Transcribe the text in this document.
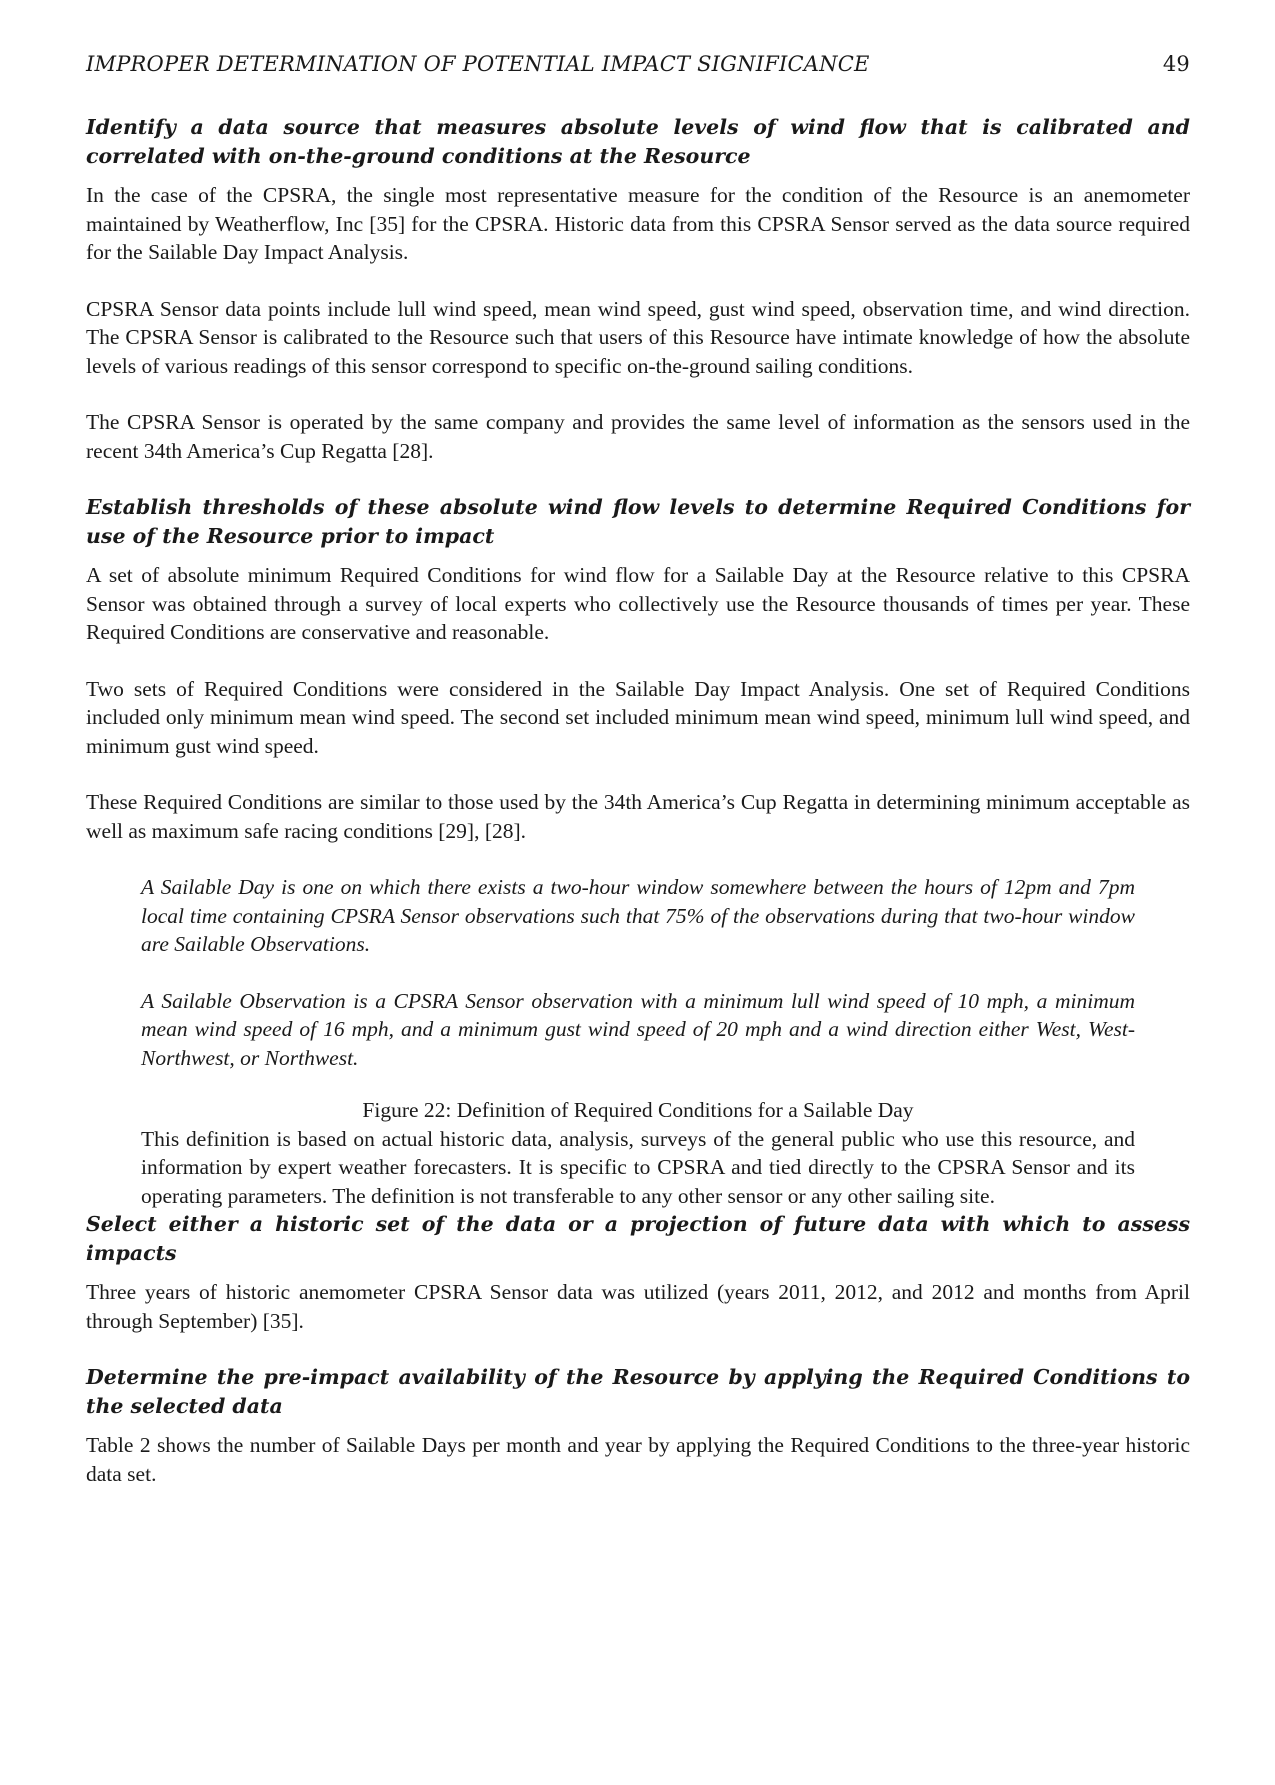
IMPROPER DETERMINATION OF POTENTIAL IMPACT SIGNIFICANCE	49
Identify a data source that measures absolute levels of wind flow that is calibrated and correlated with on-the-ground conditions at the Resource

In the case of the CPSRA, the single most representative measure for the condition of the Resource is an anemometer maintained by Weatherflow, Inc [35] for the CPSRA. Historic data from this CPSRA Sensor served as the data source required for the Sailable Day Impact Analysis.

CPSRA Sensor data points include lull wind speed, mean wind speed, gust wind speed, observation time, and wind direction. The CPSRA Sensor is calibrated to the Resource such that users of this Resource have intimate knowledge of how the absolute levels of various readings of this sensor correspond to specific on-the-ground sailing conditions.

The CPSRA Sensor is operated by the same company and provides the same level of information as the sensors used in the recent 34th America’s Cup Regatta [28].

Establish thresholds of these absolute wind flow levels to determine Required Conditions for use of the Resource prior to impact

A set of absolute minimum Required Conditions for wind flow for a Sailable Day at the Resource relative to this CPSRA Sensor was obtained through a survey of local experts who collectively use the Resource thousands of times per year. These Required Conditions are conservative and reasonable.

Two sets of Required Conditions were considered in the Sailable Day Impact Analysis. One set of Required Conditions included only minimum mean wind speed. The second set included minimum mean wind speed, minimum lull wind speed, and minimum gust wind speed.

These Required Conditions are similar to those used by the 34th America’s Cup Regatta in determining minimum acceptable as well as maximum safe racing conditions [29], [28].

A Sailable Day is one on which there exists a two-hour window somewhere between the hours of 12pm and 7pm local time containing CPSRA Sensor observations such that 75% of the observations during that two-hour window are Sailable Observations.
A Sailable Observation is a CPSRA Sensor observation with a minimum lull wind speed of 10 mph, a minimum mean wind speed of 16 mph, and a minimum gust wind speed of 20 mph and a wind direction either West, West-Northwest, or Northwest.
Figure 22: Definition of Required Conditions for a Sailable Day
This definition is based on actual historic data, analysis, surveys of the general public who use this resource, and information by expert weather forecasters. It is specific to CPSRA and tied directly to the CPSRA Sensor and its operating parameters. The definition is not transferable to any other sensor or any other sailing site.
Select either a historic set of the data or a projection of future data with which to assess impacts

Three years of historic anemometer CPSRA Sensor data was utilized (years 2011, 2012, and 2012 and months from April through September) [35].

Determine the pre-impact availability of the Resource by applying the Required Conditions to the selected data

Table 2 shows the number of Sailable Days per month and year by applying the Required Conditions to the three-year historic data set.
